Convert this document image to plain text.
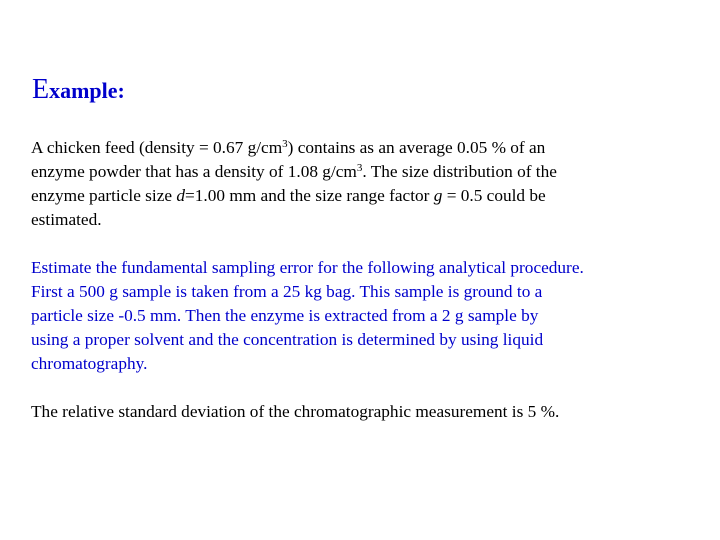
Example:

A chicken feed (density = 0.67 $g/cm^3$) contains as an average 0.05 % of an
enzyme powder that has a density of 1.08 $g/cm^3$. The size distribution of the
enzyme particle size d=1.00 mm and the size range factor g = 0.5 could be
estimated.

Estimate the fundamental sampling error for the following analytical procedure.
First a 500 g sample is taken from a 25 kg bag. This sample is ground to a
particle size -0.5 mm. Then the enzyme is extracted from a 2 g sample by
using a proper solvent and the concentration is determined by using liquid
chromatography.

The relative standard deviation of the chromatographic measurement is 5 %.
